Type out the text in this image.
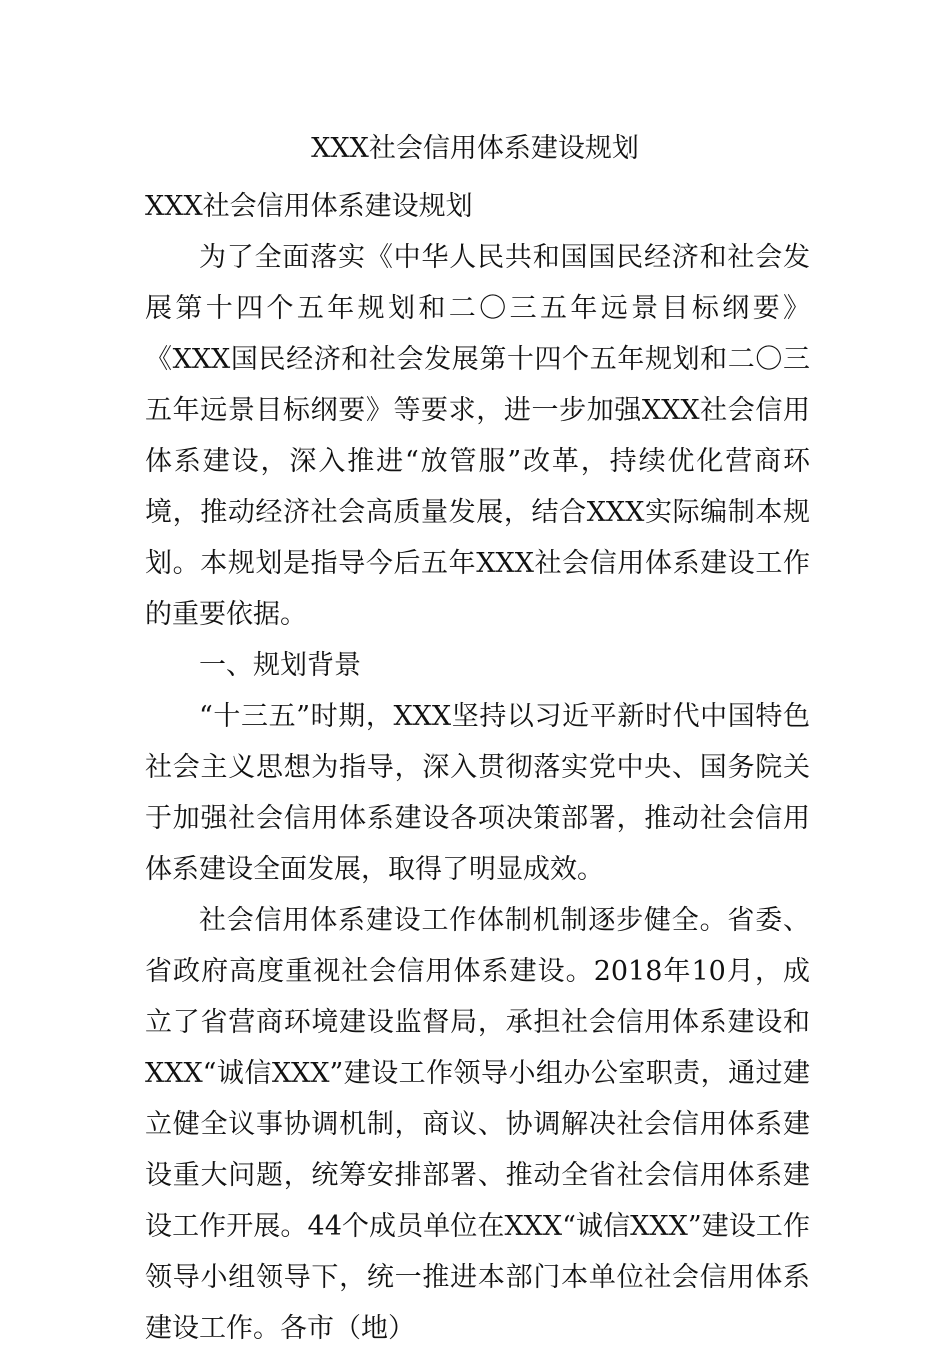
XXX社会信用体系建设规划

XXX社会信用体系建设规划

为了全面落实《中华人民共和国国民经济和社会发展第十四个五年规划和二〇三五年远景目标纲要》《XXX国民经济和社会发展第十四个五年规划和二〇三五年远景目标纲要》等要求，进一步加强XXX社会信用体系建设，深入推进“放管服”改革，持续优化营商环境，推动经济社会高质量发展，结合XXX实际编制本规划。本规划是指导今后五年XXX社会信用体系建设工作的重要依据。

一、规划背景

“十三五”时期，XXX坚持以习近平新时代中国特色社会主义思想为指导，深入贯彻落实党中央、国务院关于加强社会信用体系建设各项决策部署，推动社会信用体系建设全面发展，取得了明显成效。

社会信用体系建设工作体制机制逐步健全。省委、省政府高度重视社会信用体系建设。2018年10月，成立了省营商环境建设监督局，承担社会信用体系建设和XXX“诚信XXX”建设工作领导小组办公室职责，通过建立健全议事协调机制，商议、协调解决社会信用体系建设重大问题，统筹安排部署、推动全省社会信用体系建设工作开展。44个成员单位在XXX“诚信XXX”建设工作领导小组领导下，统一推进本部门本单位社会信用体系建设工作。各市（地）
